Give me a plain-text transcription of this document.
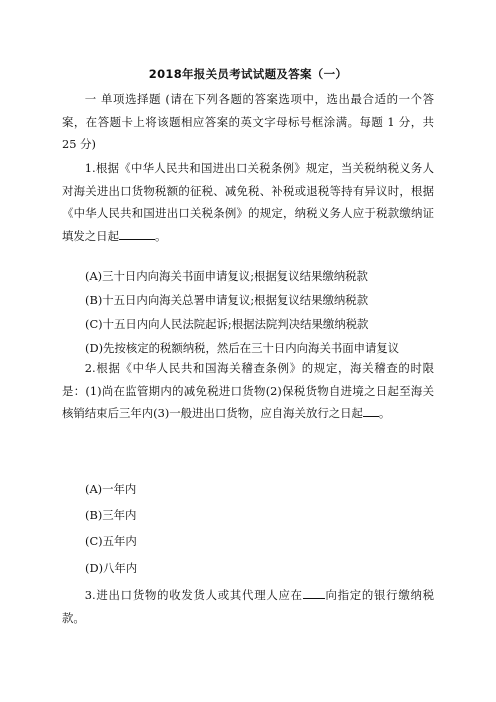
2018年报关员考试试题及答案（一）

一 单项选择题 (请在下列各题的答案选项中，选出最合适的一个答案，在答题卡上将该题相应答案的英文字母标号框涂满。每题 1 分，共 25 分)

1.根据《中华人民共和国进出口关税条例》规定，当关税纳税义务人对海关进出口货物税额的征税、减免税、补税或退税等持有异议时，根据《中华人民共和国进出口关税条例》的规定，纳税义务人应于税款缴纳证填发之日起	。

(A)三十日内向海关书面申请复议;根据复议结果缴纳税款

(B)十五日内向海关总署申请复议;根据复议结果缴纳税款

(C)十五日内向人民法院起诉;根据法院判决结果缴纳税款

(D)先按核定的税额纳税，然后在三十日内向海关书面申请复议

2.根据《中华人民共和国海关稽查条例》的规定，海关稽查的时限是：(1)尚在监管期内的减免税进口货物(2)保税货物自进境之日起至海关核销结束后三年内(3)一般进出口货物，应自海关放行之日起 。

(A)一年内

(B)三年内

(C)五年内

(D)八年内

3.进出口货物的收发货人或其代理人应在 向指定的银行缴纳税款。
